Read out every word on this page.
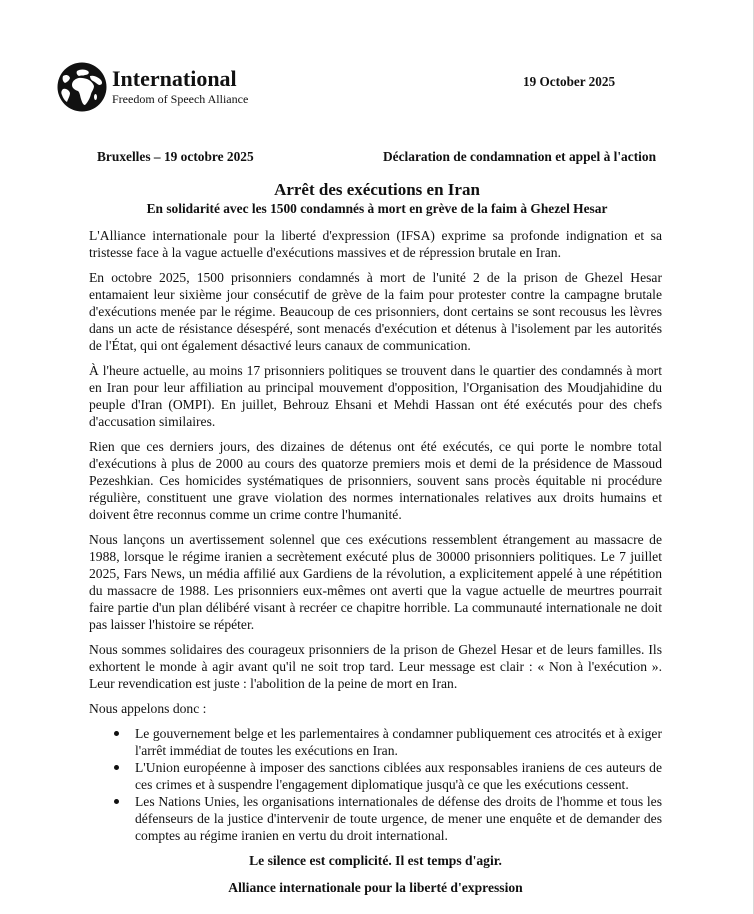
International
Freedom of Speech Alliance
19 October 2025
Bruxelles – 19 octobre 2025	Déclaration de condamnation et appel à l'action
Arrêt des exécutions en Iran
En solidarité avec les 1500 condamnés à mort en grève de la faim à Ghezel Hesar

L'Alliance internationale pour la liberté d'expression (IFSA) exprime sa profonde indignation et sa tristesse face à la vague actuelle d'exécutions massives et de répression brutale en Iran.

En octobre 2025, 1500 prisonniers condamnés à mort de l'unité 2 de la prison de Ghezel Hesar entamaient leur sixième jour consécutif de grève de la faim pour protester contre la campagne brutale d'exécutions menée par le régime. Beaucoup de ces prisonniers, dont certains se sont recousus les lèvres dans un acte de résistance désespéré, sont menacés d'exécution et détenus à l'isolement par les autorités de l'État, qui ont également désactivé leurs canaux de communication.

À l'heure actuelle, au moins 17 prisonniers politiques se trouvent dans le quartier des condamnés à mort en Iran pour leur affiliation au principal mouvement d'opposition, l'Organisation des Moudjahidine du peuple d'Iran (OMPI). En juillet, Behrouz Ehsani et Mehdi Hassan ont été exécutés pour des chefs d'accusation similaires.

Rien que ces derniers jours, des dizaines de détenus ont été exécutés, ce qui porte le nombre total d'exécutions à plus de 2000 au cours des quatorze premiers mois et demi de la présidence de Massoud Pezeshkian. Ces homicides systématiques de prisonniers, souvent sans procès équitable ni procédure régulière, constituent une grave violation des normes internationales relatives aux droits humains et doivent être reconnus comme un crime contre l'humanité.

Nous lançons un avertissement solennel que ces exécutions ressemblent étrangement au massacre de 1988, lorsque le régime iranien a secrètement exécuté plus de 30000 prisonniers politiques. Le 7 juillet 2025, Fars News, un média affilié aux Gardiens de la révolution, a explicitement appelé à une répétition du massacre de 1988. Les prisonniers eux-mêmes ont averti que la vague actuelle de meurtres pourrait faire partie d'un plan délibéré visant à recréer ce chapitre horrible. La communauté internationale ne doit pas laisser l'histoire se répéter.

Nous sommes solidaires des courageux prisonniers de la prison de Ghezel Hesar et de leurs familles. Ils exhortent le monde à agir avant qu'il ne soit trop tard. Leur message est clair : « Non à l'exécution ». Leur revendication est juste : l'abolition de la peine de mort en Iran.

Nous appelons donc :

Le gouvernement belge et les parlementaires à condamner publiquement ces atrocités et à exiger l'arrêt immédiat de toutes les exécutions en Iran.
L'Union européenne à imposer des sanctions ciblées aux responsables iraniens de ces auteurs de ces crimes et à suspendre l'engagement diplomatique jusqu'à ce que les exécutions cessent.
Les Nations Unies, les organisations internationales de défense des droits de l'homme et tous les défenseurs de la justice d'intervenir de toute urgence, de mener une enquête et de demander des comptes au régime iranien en vertu du droit international.
Le silence est complicité. Il est temps d'agir.
Alliance internationale pour la liberté d'expression
